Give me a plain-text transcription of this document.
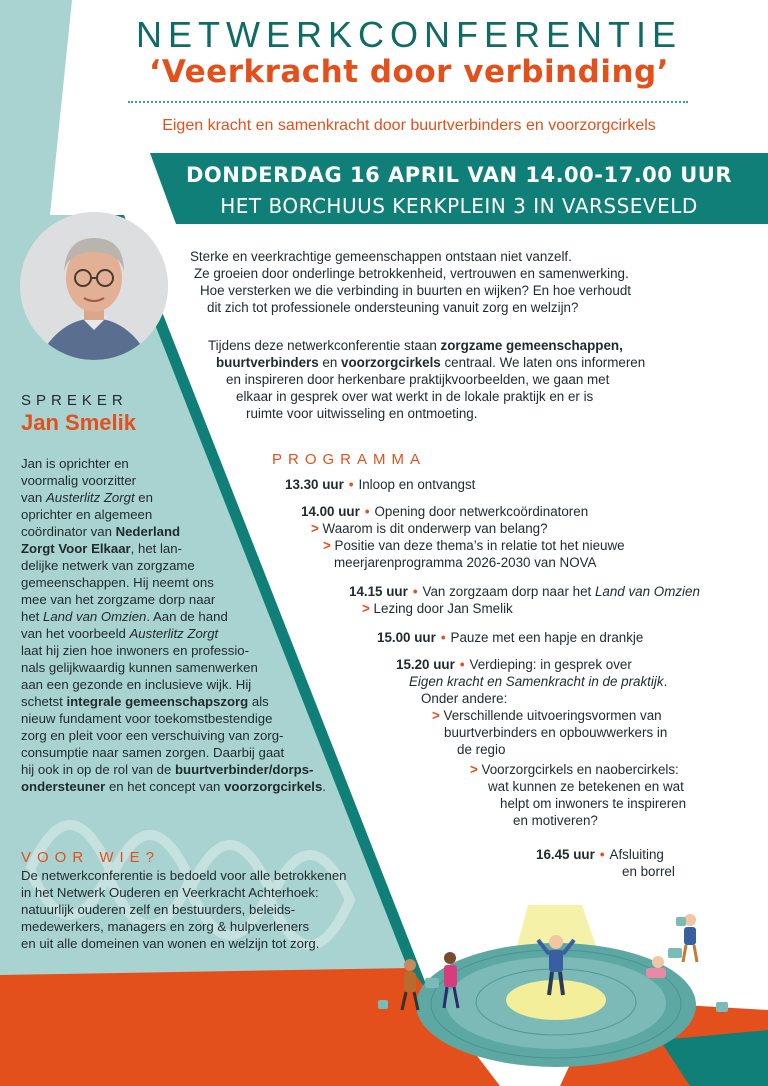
NETWERKCONFERENTIE
‘Veerkracht door verbinding’
Eigen kracht en samenkracht door buurtverbinders en voorzorgcirkels
DONDERDAG 16 APRIL VAN 14.00-17.00 UUR
HET BORCHUUS KERKPLEIN 3 IN VARSSEVELD
Sterke en veerkrachtige gemeenschappen ontstaan niet vanzelf.
Ze groeien door onderlinge betrokkenheid, vertrouwen en samenwerking.
Hoe versterken we die verbinding in buurten en wijken? En hoe verhoudt
dit zich tot professionele ondersteuning vanuit zorg en welzijn?
Tijdens deze netwerkconferentie staan zorgzame gemeenschappen,
buurtverbinders en voorzorgcirkels centraal. We laten ons informeren
en inspireren door herkenbare praktijkvoorbeelden, we gaan met
elkaar in gesprek over wat werkt in de lokale praktijk en er is
ruimte voor uitwisseling en ontmoeting.
SPREKER
Jan Smelik
Jan is oprichter en
voormalig voorzitter
van Austerlitz Zorgt en
oprichter en algemeen
coördinator van Nederland
Zorgt Voor Elkaar, het lan-
delijke netwerk van zorgzame
gemeenschappen. Hij neemt ons
mee van het zorgzame dorp naar
het Land van Omzien. Aan de hand
van het voorbeeld Austerlitz Zorgt
laat hij zien hoe inwoners en professio-
nals gelijkwaardig kunnen samenwerken
aan een gezonde en inclusieve wijk. Hij
schetst integrale gemeenschapszorg als
nieuw fundament voor toekomstbestendige
zorg en pleit voor een verschuiving van zorg-
consumptie naar samen zorgen. Daarbij gaat
hij ook in op de rol van de buurtverbinder/dorps-
ondersteuner en het concept van voorzorgcirkels.
VOOR WIE?
De netwerkconferentie is bedoeld voor alle betrokkenen
in het Netwerk Ouderen en Veerkracht Achterhoek:
natuurlijk ouderen zelf en bestuurders, beleids-
medewerkers, managers en zorg & hulpverleners
en uit alle domeinen van wonen en welzijn tot zorg.
PROGRAMMA
13.30 uur • Inloop en ontvangst
14.00 uur • Opening door netwerkcoördinatoren
> Waarom is dit onderwerp van belang?
> Positie van deze thema’s in relatie tot het nieuwe
meerjarenprogramma 2026-2030 van NOVA
14.15 uur • Van zorgzaam dorp naar het Land van Omzien
> Lezing door Jan Smelik
15.00 uur • Pauze met een hapje en drankje
15.20 uur • Verdieping: in gesprek over
Eigen kracht en Samenkracht in de praktijk.
Onder andere:
> Verschillende uitvoeringsvormen van
buurtverbinders en opbouwwerkers in
de regio
> Voorzorgcirkels en naobercirkels:
wat kunnen ze betekenen en wat
helpt om inwoners te inspireren
en motiveren?
16.45 uur • Afsluiting
en borrel
